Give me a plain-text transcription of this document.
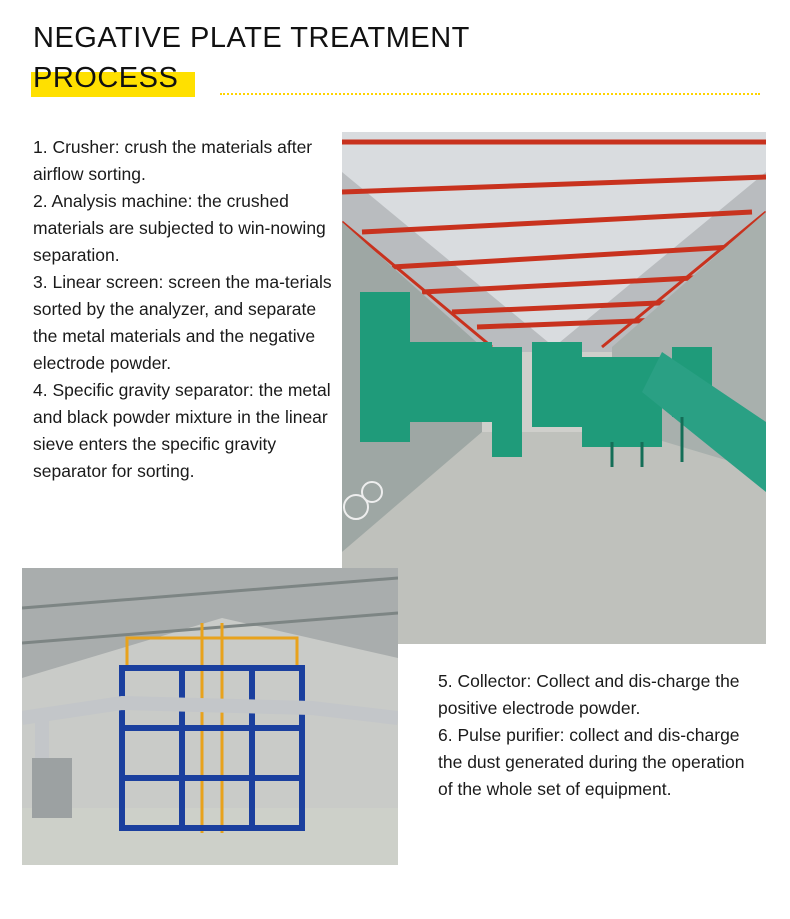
NEGATIVE PLATE TREATMENT
PROCESS

1. Crusher: crush the materials after airflow sorting.

2. Analysis machine: the crushed materials are subjected to win-nowing separation.

3. Linear screen: screen the ma-terials sorted by the analyzer, and separate the metal materials and the negative electrode powder.

4. Specific gravity separator: the metal and black powder mixture in the linear sieve enters the specific gravity separator for sorting.

5. Collector: Collect and dis-charge the positive electrode powder.

6. Pulse purifier: collect and dis-charge the dust generated during the operation of the whole set of equipment.
